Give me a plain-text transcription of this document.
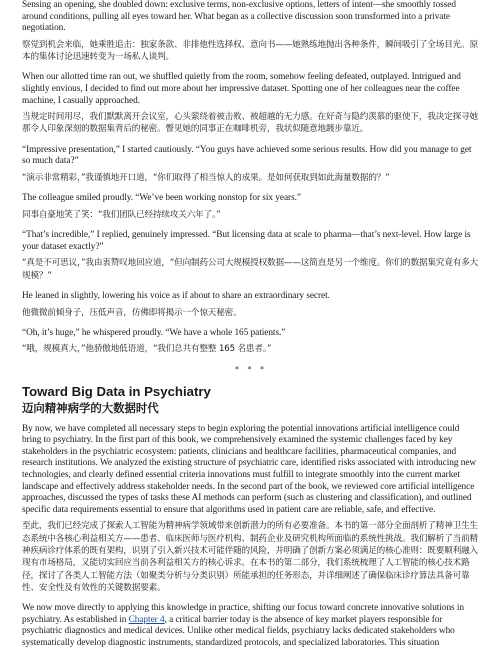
Sensing an opening, she doubled down: exclusive terms, non-exclusive options, letters of intent—she smoothly tossed around conditions, pulling all eyes toward her. What began as a collective discussion soon transformed into a private negotiation.

察觉到机会来临，她乘胜追击：独家条款、非排他性选择权、意向书——她熟练地抛出各种条件，瞬间吸引了全场目光。原本的集体讨论迅速转变为一场私人谈判。

When our allotted time ran out, we shuffled quietly from the room, somehow feeling defeated, outplayed. Intrigued and slightly envious, I decided to find out more about her impressive dataset. Spotting one of her colleagues near the coffee machine, I casually approached.

当规定时间用尽，我们默默离开会议室，心头萦绕着被击败、被超越的无力感。在好奇与隐约羡慕的驱使下，我决定探寻她那令人印象深刻的数据集背后的秘密。瞥见她的同事正在咖啡机旁，我状似随意地踱步靠近。

“Impressive presentation,” I started cautiously. “You guys have achieved some serious results. How did you manage to get so much data?”

“演示非常精彩，”我谨慎地开口道，“你们取得了相当惊人的成果。是如何获取到如此海量数据的？”

The colleague smiled proudly. “We’ve been working nonstop for six years.”

同事自豪地笑了笑：“我们团队已经持续攻关六年了。”

“That’s incredible,” I replied, genuinely impressed. “But licensing data at scale to pharma—that’s next-level. How large is your dataset exactly?”

“真是不可思议，”我由衷赞叹地回应道，“但向制药公司大规模授权数据——这简直是另一个维度。你们的数据集究竟有多大规模？”

He leaned in slightly, lowering his voice as if about to share an extraordinary secret.

他微微前倾身子，压低声音，仿佛即将揭示一个惊天秘密。

“Oh, it’s huge,” he whispered proudly. “We have a whole 165 patients.”

“哦，规模真大，”他骄傲地低语道，“我们总共有整整 165 名患者。”

* * *

Toward Big Data in Psychiatry
迈向精神病学的大数据时代

By now, we have completed all necessary steps to begin exploring the potential innovations artificial intelligence could bring to psychiatry. In the first part of this book, we comprehensively examined the systemic challenges faced by key stakeholders in the psychiatric ecosystem: patients, clinicians and healthcare facilities, pharmaceutical companies, and research institutions. We analyzed the existing structure of psychiatric care, identified risks associated with introducing new technologies, and clearly defined essential criteria innovations must fulfill to integrate smoothly into the current market landscape and effectively address stakeholder needs. In the second part of the book, we reviewed core artificial intelligence approaches, discussed the types of tasks these AI methods can perform (such as clustering and classification), and outlined specific data requirements essential to ensure that algorithms used in patient care are reliable, safe, and effective.

至此，我们已经完成了探索人工智能为精神病学领域带来创新潜力的所有必要准备。本书的第一部分全面剖析了精神卫生生态系统中各核心利益相关方——患者、临床医师与医疗机构、制药企业及研究机构所面临的系统性挑战。我们解析了当前精神疾病诊疗体系的既有架构，识别了引入新兴技术可能伴随的风险，并明确了创新方案必须满足的核心准则：既要顺利融入现有市场格局，又能切实回应当前各利益相关方的核心诉求。在本书的第二部分，我们系统梳理了人工智能的核心技术路径，探讨了各类人工智能方法（如聚类分析与分类识别）所能承担的任务形态，并详细阐述了确保临床诊疗算法具备可靠性、安全性及有效性的关键数据要素。

We now move directly to applying this knowledge in practice, shifting our focus toward concrete innovative solutions in psychiatry. As established in Chapter 4, a critical barrier today is the absence of key market players responsible for psychiatric diagnostics and medical devices. Unlike other medical fields, psychiatry lacks dedicated stakeholders who systematically develop diagnostic instruments, standardized protocols, and specialized laboratories. This situation
